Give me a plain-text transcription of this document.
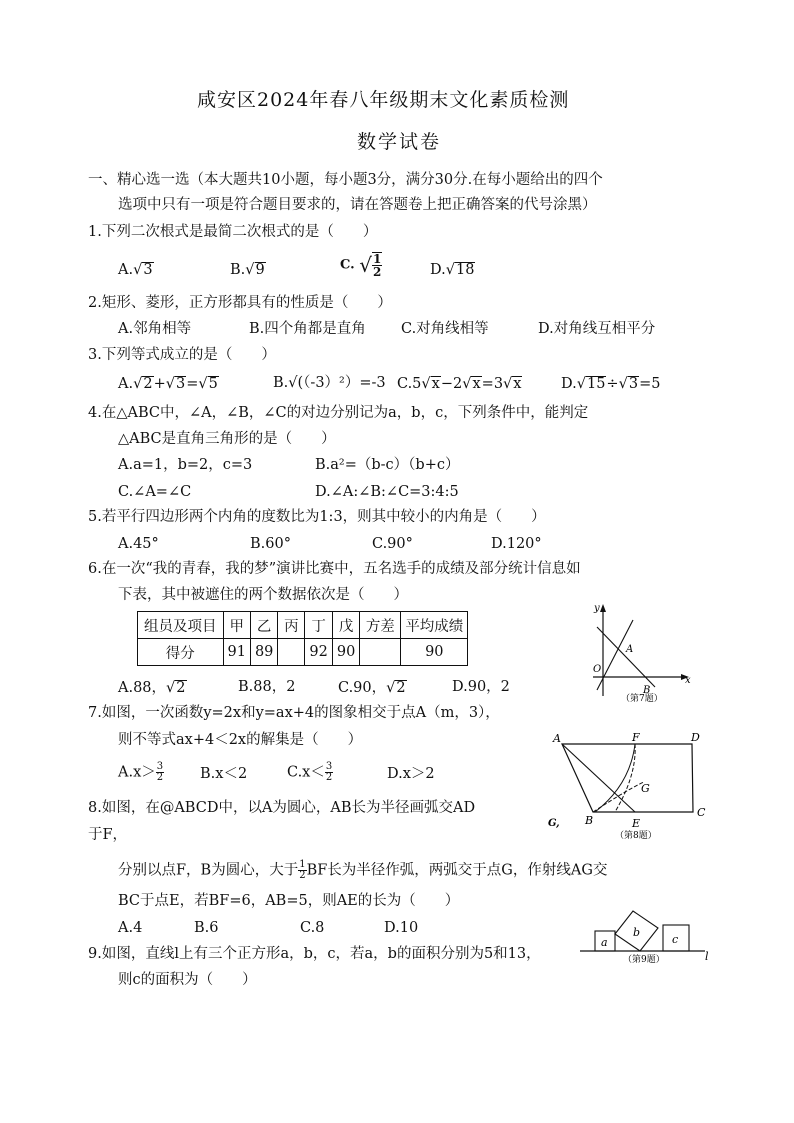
咸安区2024年春八年级期末文化素质检测
数学试卷
一、精心选一选（本大题共10小题，每小题3分，满分30分.在每小题给出的四个
选项中只有一项是符合题目要求的，请在答题卷上把正确答案的代号涂黑）
1.下列二次根式是最简二次根式的是（　　）
A.√3	B.√9	C. √ $\frac{1}{2}$	D.√18
2.矩形、菱形，正方形都具有的性质是（　　）
A.邻角相等	B.四个角都是直角 C.对角线相等	D.对角线互相平分
3.下列等式成立的是（　　）
A.√2+√3=√5	B.√(（-3）²）=-3 C.5√x−2√x=3√x	D.√15÷√3=5
4.在△ABC中，∠A，∠B，∠C的对边分别记为a，b，c，下列条件中，能判定
△ABC是直角三角形的是（　　）
A.a=1，b=2，c=3	B.a²=（b-c）（b+c）
C.∠A=∠C	D.∠A:∠B:∠C=3:4:5
5.若平行四边形两个内角的度数比为1:3，则其中较小的内角是（　　）
A.45°	B.60°	C.90°	D.120°
6.在一次“我的青春，我的梦”演讲比赛中，五名选手的成绩及部分统计信息如
下表，其中被遮住的两个数据依次是（　　）
组员及项目	甲	乙	丙	丁	戊	方差	平均成绩
得分	91	89		92	90		90
A.88，√2	B.88，2	C.90，√2	D.90，2
y
x
O
A
B
（第7题）
7.如图，一次函数y=2x和y=ax+4的图象相交于点A（m，3），
则不等式ax+4＜2x的解集是（　　）
$A.x> \frac{3}{2} B.x<2$	$C.x< \frac{3}{2}$	D.x＞2
A	F	D
G
B	E
C
G,
（第8题）
8.如图，在@ABCD中，以A为圆心，AB长为半径画弧交AD
于F，
分别以点F，B为圆心，大于 $\frac{1}{2}$ BF长为半径作弧，两弧交于点G，作射线AG交
BC于点E，若BF=6，AB=5，则AE的长为（　　）
A.4	B.6	C.8	D.10
a
b
c
l
（第9题）
9.如图，直线l上有三个正方形a，b，c，若a，b的面积分别为5和13，
则c的面积为（　　）
